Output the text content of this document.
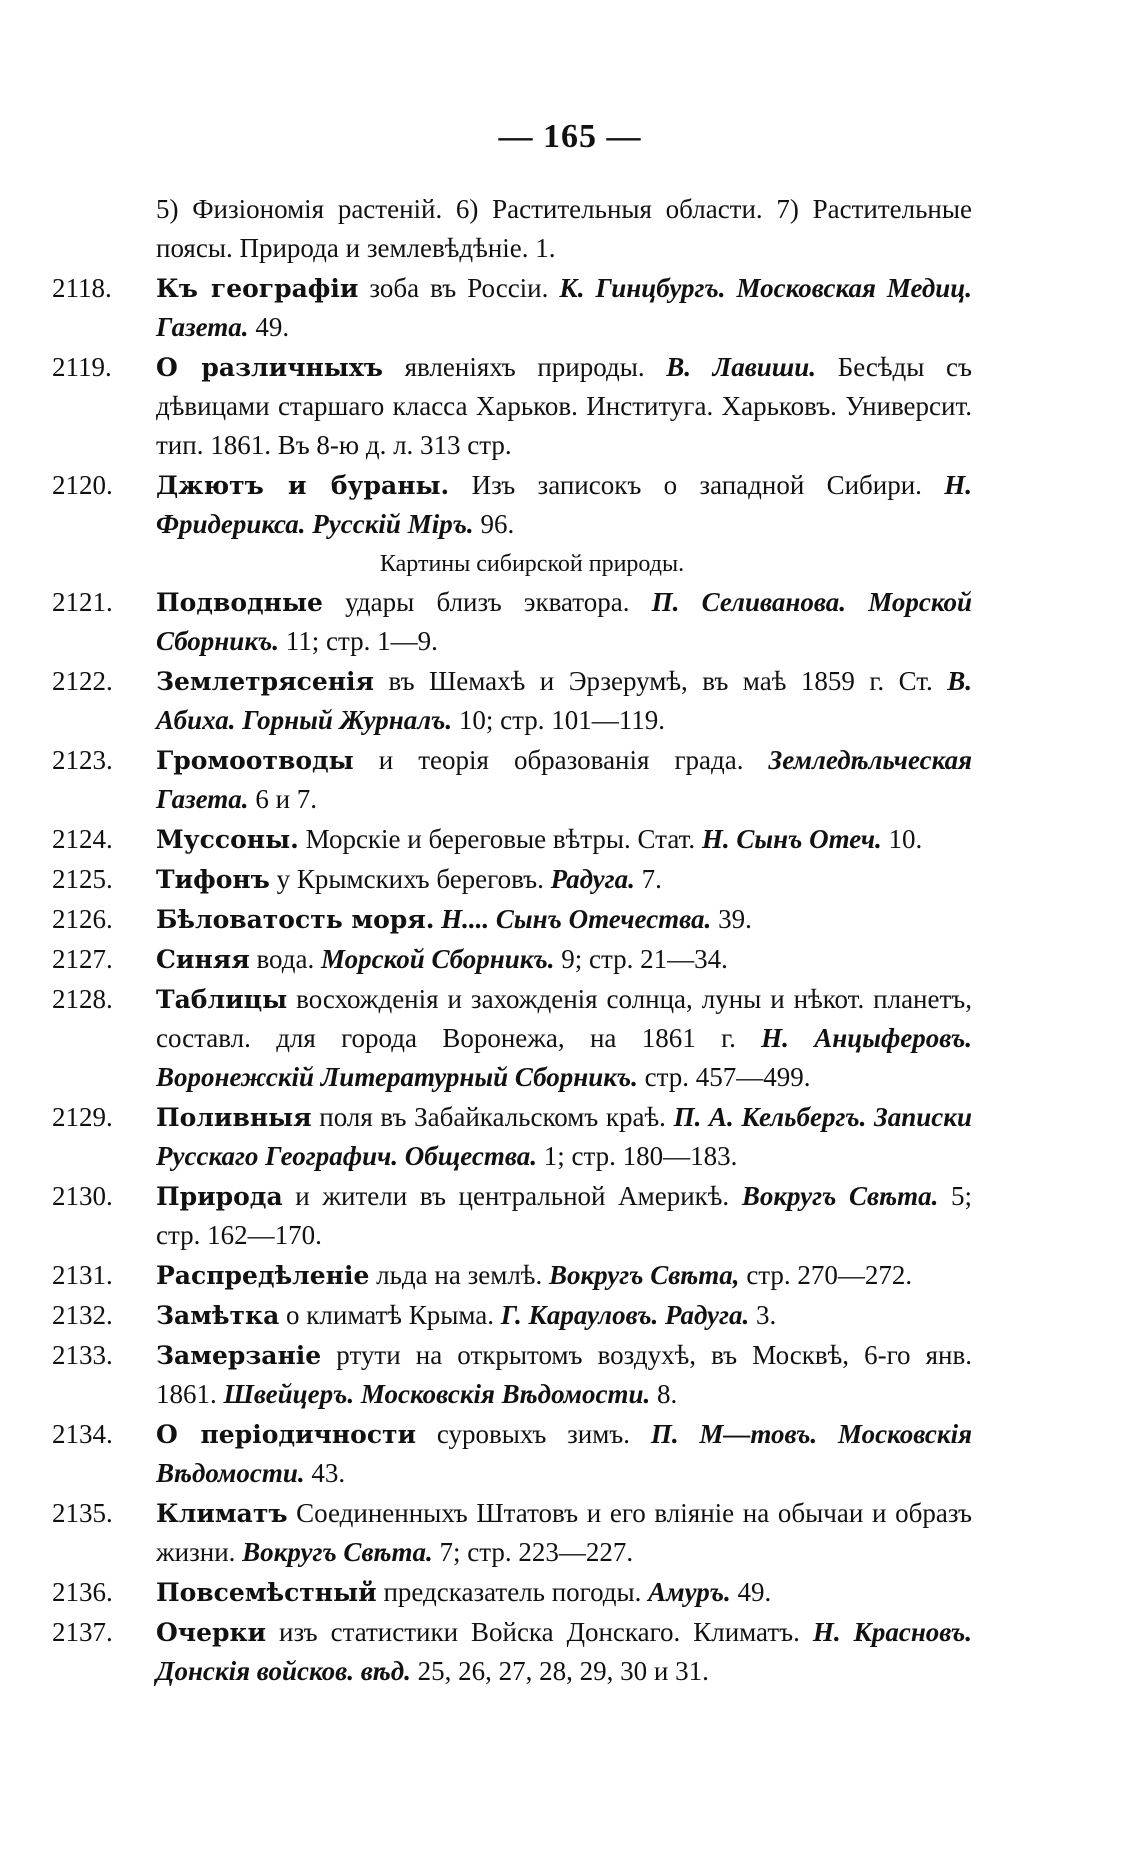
— 165 —
5) Физiономiя растенiй. 6) Растительныя области. 7) Растительные поясы. Природа и землевѣдѣнiе. 1.
2118.	Къ географiи зоба въ Россiи. К. Гинцбургъ. Московская Медиц. Газета. 49.
2119.	О различныхъ явленiяхъ природы. В. Лавиши. Бесѣды съ дѣвицами старшаго класса Харьков. Институга. Харьковъ. Университ. тип. 1861. Въ 8-ю д. л. 313 стр.
2120.	Джютъ и бураны. Изъ записокъ о западной Сибири. Н. Фридерикса. Русскiй Мiръ. 96.
Картины сибирской природы.
2121.	Подводные удары близъ экватора. П. Селиванова. Морской Сборникъ. 11; стр. 1—9.
2122.	Землетрясенiя въ Шемахѣ и Эрзерумѣ, въ маѣ 1859 г. Ст. В. Абиха. Горный Журналъ. 10; стр. 101—119.
2123.	Громоотводы и теорiя образованiя града. Земледѣльческая Газета. 6 и 7.
2124.	Муссоны. Морскiе и береговые вѣтры. Стат. Н. Сынъ Отеч. 10.
2125.	Тифонъ у Крымскихъ береговъ. Радуга. 7.
2126.	Бѣловатость моря. Н.... Сынъ Отечества. 39.
2127.	Синяя вода. Морской Сборникъ. 9; стр. 21—34.
2128.	Таблицы восхожденiя и захожденiя солнца, луны и нѣкот. планетъ, составл. для города Воронежа, на 1861 г. Н. Анцыферовъ. Воронежскiй Литературный Сборникъ. стр. 457—499.
2129.	Поливныя поля въ Забайкальскомъ краѣ. П. А. Кельбергъ. Записки Русскаго Географич. Общества. 1; стр. 180—183.
2130.	Природа и жители въ центральной Америкѣ. Вокругъ Свѣта. 5; стр. 162—170.
2131.	Распредѣленiе льда на землѣ. Вокругъ Свѣта, стр. 270—272.
2132.	Замѣтка о климатѣ Крыма. Г. Карауловъ. Радуга. 3.
2133.	Замерзанiе ртути на открытомъ воздухѣ, въ Москвѣ, 6-го янв. 1861. Швейцеръ. Московскiя Вѣдомости. 8.
2134.	О перiодичности суровыхъ зимъ. П. М—товъ. Московскiя Вѣдомости. 43.
2135.	Климатъ Соединенныхъ Штатовъ и его влiянiе на обычаи и образъ жизни. Вокругъ Свѣта. 7; стр. 223—227.
2136.	Повсемѣстный предсказатель погоды. Амуръ. 49.
2137.	Очерки изъ статистики Войска Донскаго. Климатъ. Н. Красновъ. Донскiя войсков. вѣд. 25, 26, 27, 28, 29, 30 и 31.
